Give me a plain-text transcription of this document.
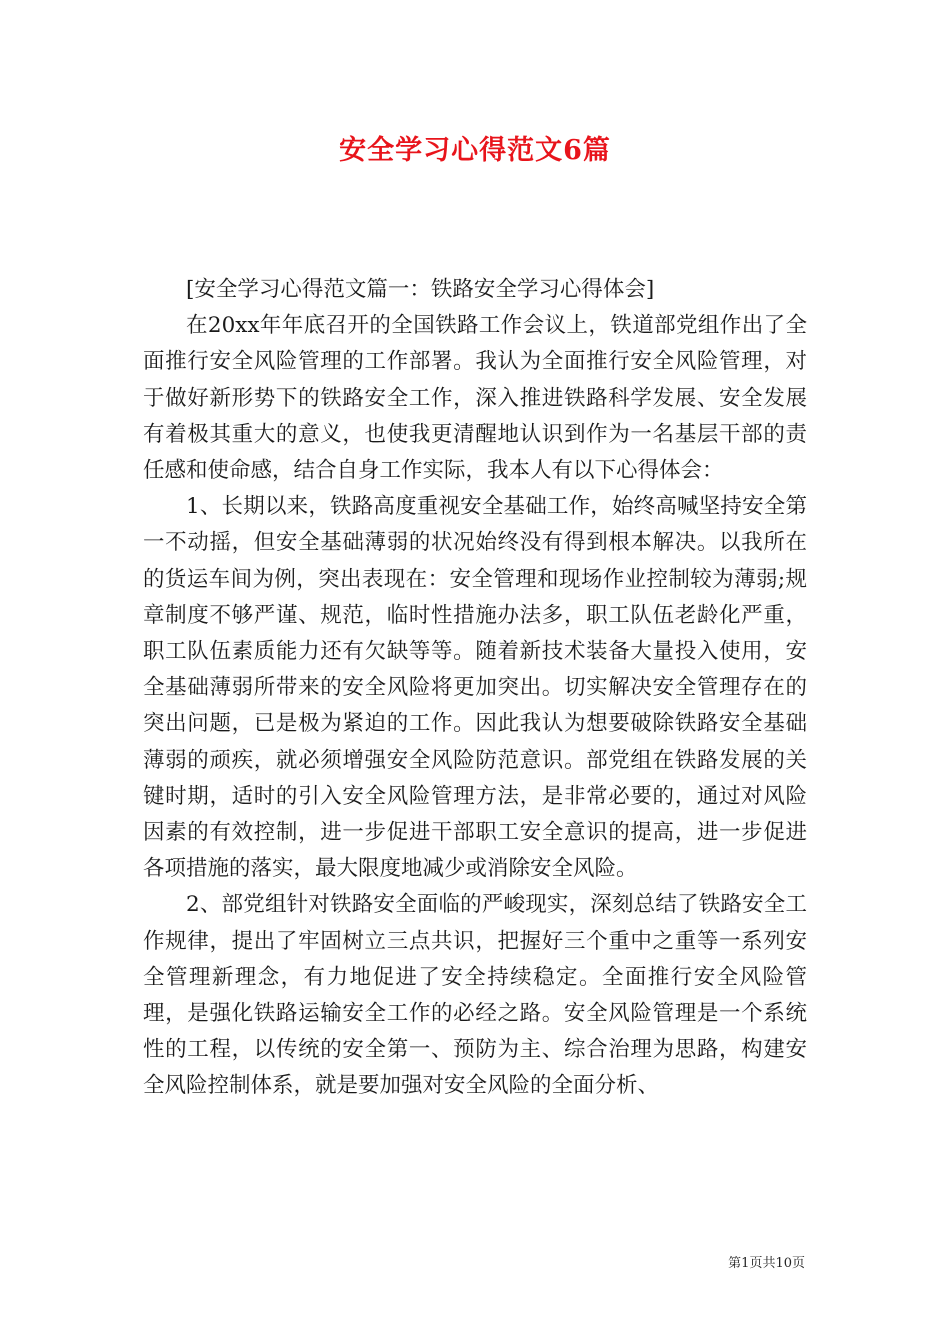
安全学习心得范文6篇

[安全学习心得范文篇一：铁路安全学习心得体会]

在20xx年年底召开的全国铁路工作会议上，铁道部党组作出了全面推行安全风险管理的工作部署。我认为全面推行安全风险管理，对于做好新形势下的铁路安全工作，深入推进铁路科学发展、安全发展有着极其重大的意义，也使我更清醒地认识到作为一名基层干部的责任感和使命感，结合自身工作实际，我本人有以下心得体会：

1、长期以来，铁路高度重视安全基础工作，始终高喊坚持安全第一不动摇，但安全基础薄弱的状况始终没有得到根本解决。以我所在的货运车间为例，突出表现在：安全管理和现场作业控制较为薄弱;规章制度不够严谨、规范，临时性措施办法多，职工队伍老龄化严重，职工队伍素质能力还有欠缺等等。随着新技术装备大量投入使用，安全基础薄弱所带来的安全风险将更加突出。切实解决安全管理存在的突出问题，已是极为紧迫的工作。因此我认为想要破除铁路安全基础薄弱的顽疾，就必须增强安全风险防范意识。部党组在铁路发展的关键时期，适时的引入安全风险管理方法，是非常必要的，通过对风险因素的有效控制，进一步促进干部职工安全意识的提高，进一步促进各项措施的落实，最大限度地减少或消除安全风险。

2、部党组针对铁路安全面临的严峻现实，深刻总结了铁路安全工作规律，提出了牢固树立三点共识，把握好三个重中之重等一系列安全管理新理念，有力地促进了安全持续稳定。全面推行安全风险管理，是强化铁路运输安全工作的必经之路。安全风险管理是一个系统性的工程，以传统的安全第一、预防为主、综合治理为思路，构建安全风险控制体系，就是要加强对安全风险的全面分析、

第1页共10页
